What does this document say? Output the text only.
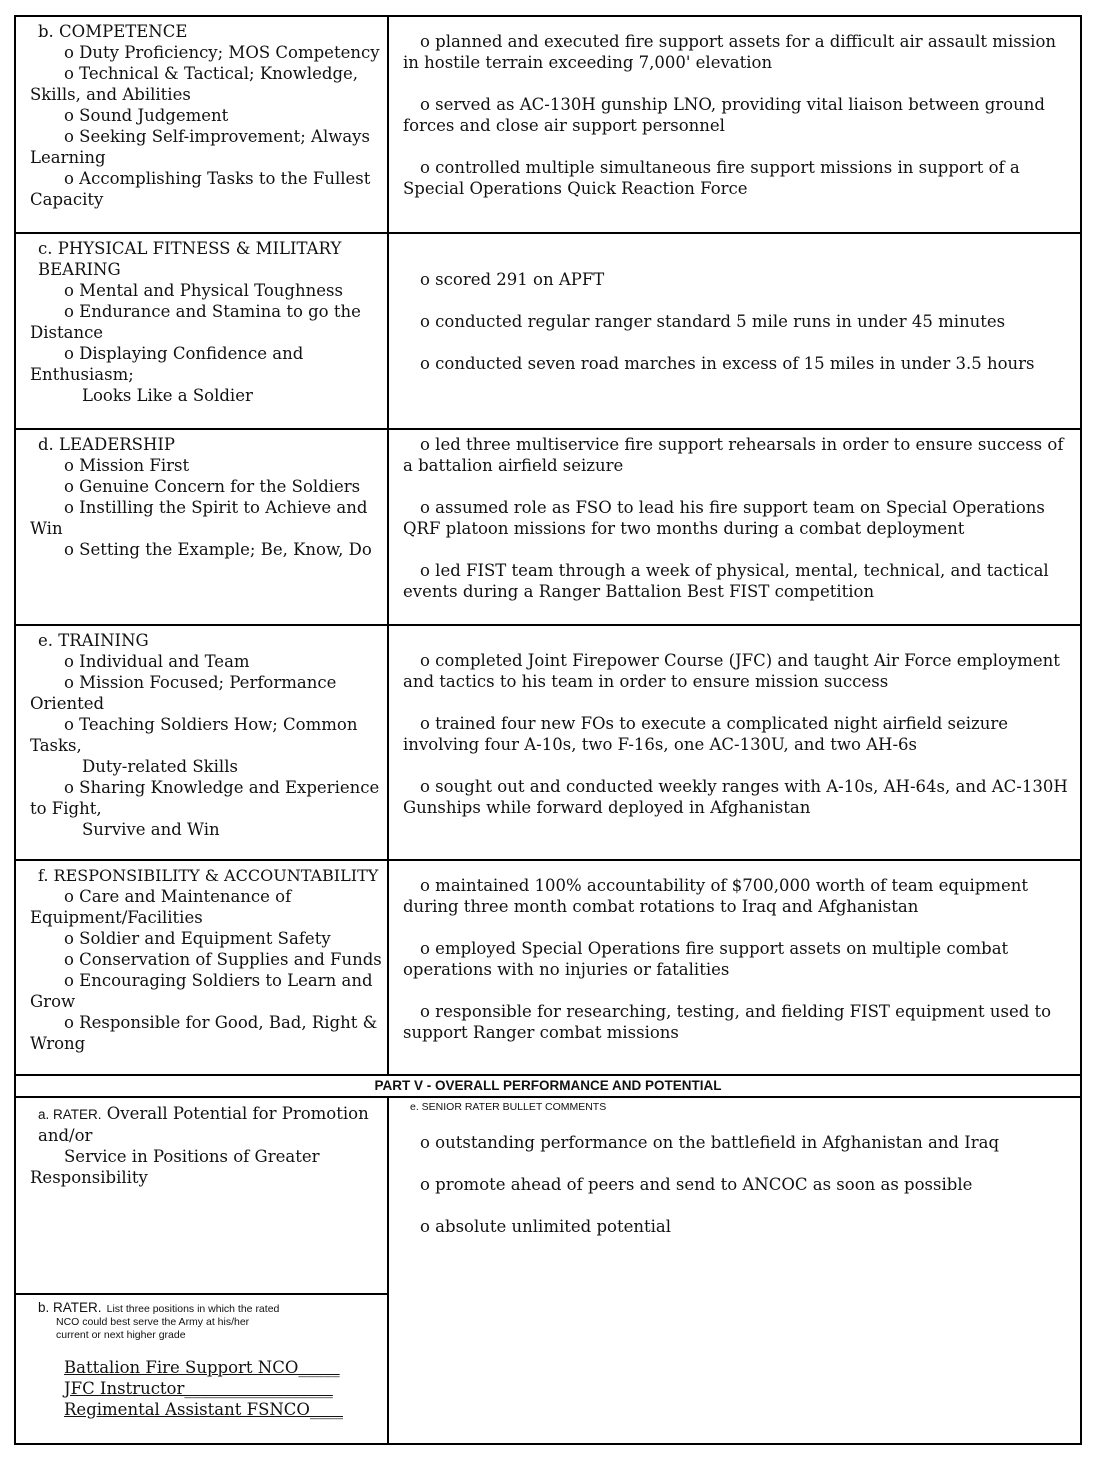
b. COMPETENCE
o Duty Proficiency; MOS Competency
o Technical & Tactical; Knowledge, Skills, and Abilities
o Sound Judgement
o Seeking Self-improvement; Always Learning
o Accomplishing Tasks to the Fullest Capacity
o planned and executed fire support assets for a difficult air assault mission in hostile terrain exceeding 7,000' elevation
o served as AC-130H gunship LNO, providing vital liaison between ground forces and close air support personnel
o controlled multiple simultaneous fire support missions in support of a Special Operations Quick Reaction Force
c. PHYSICAL FITNESS & MILITARY BEARING
o Mental and Physical Toughness
o Endurance and Stamina to go the Distance
o Displaying Confidence and Enthusiasm;
Looks Like a Soldier
o scored 291 on APFT
o conducted regular ranger standard 5 mile runs in under 45 minutes
o conducted seven road marches in excess of 15 miles in under 3.5 hours
d. LEADERSHIP
o Mission First
o Genuine Concern for the Soldiers
o Instilling the Spirit to Achieve and Win
o Setting the Example; Be, Know, Do
o led three multiservice fire support rehearsals in order to ensure success of a battalion airfield seizure
o assumed role as FSO to lead his fire support team on Special Operations QRF platoon missions for two months during a combat deployment
o led FIST team through a week of physical, mental, technical, and tactical events during a Ranger Battalion Best FIST competition
e. TRAINING
o Individual and Team
o Mission Focused; Performance Oriented
o Teaching Soldiers How; Common Tasks,
Duty-related Skills
o Sharing Knowledge and Experience to Fight,
Survive and Win
o completed Joint Firepower Course (JFC) and taught Air Force employment and tactics to his team in order to ensure mission success
o trained four new FOs to execute a complicated night airfield seizure involving four A-10s, two F-16s, one AC-130U, and two AH-6s
o sought out and conducted weekly ranges with A-10s, AH-64s, and AC-130H Gunships while forward deployed in Afghanistan
f. RESPONSIBILITY & ACCOUNTABILITY
o Care and Maintenance of Equipment/Facilities
o Soldier and Equipment Safety
o Conservation of Supplies and Funds
o Encouraging Soldiers to Learn and Grow
o Responsible for Good, Bad, Right & Wrong
o maintained 100% accountability of $700,000 worth of team equipment during three month combat rotations to Iraq and Afghanistan
o employed Special Operations fire support assets on multiple combat operations with no injuries or fatalities
o responsible for researching, testing, and fielding FIST equipment used to support Ranger combat missions
PART V - OVERALL PERFORMANCE AND POTENTIAL
a. RATER. Overall Potential for Promotion and/or
Service in Positions of Greater Responsibility
b. RATER. List three positions in which the rated
NCO could best serve the Army at his/her
current or next higher grade
Battalion Fire Support NCO_____
JFC Instructor__________________
Regimental Assistant FSNCO____
e. SENIOR RATER BULLET COMMENTS
o outstanding performance on the battlefield in Afghanistan and Iraq
o promote ahead of peers and send to ANCOC as soon as possible
o absolute unlimited potential
